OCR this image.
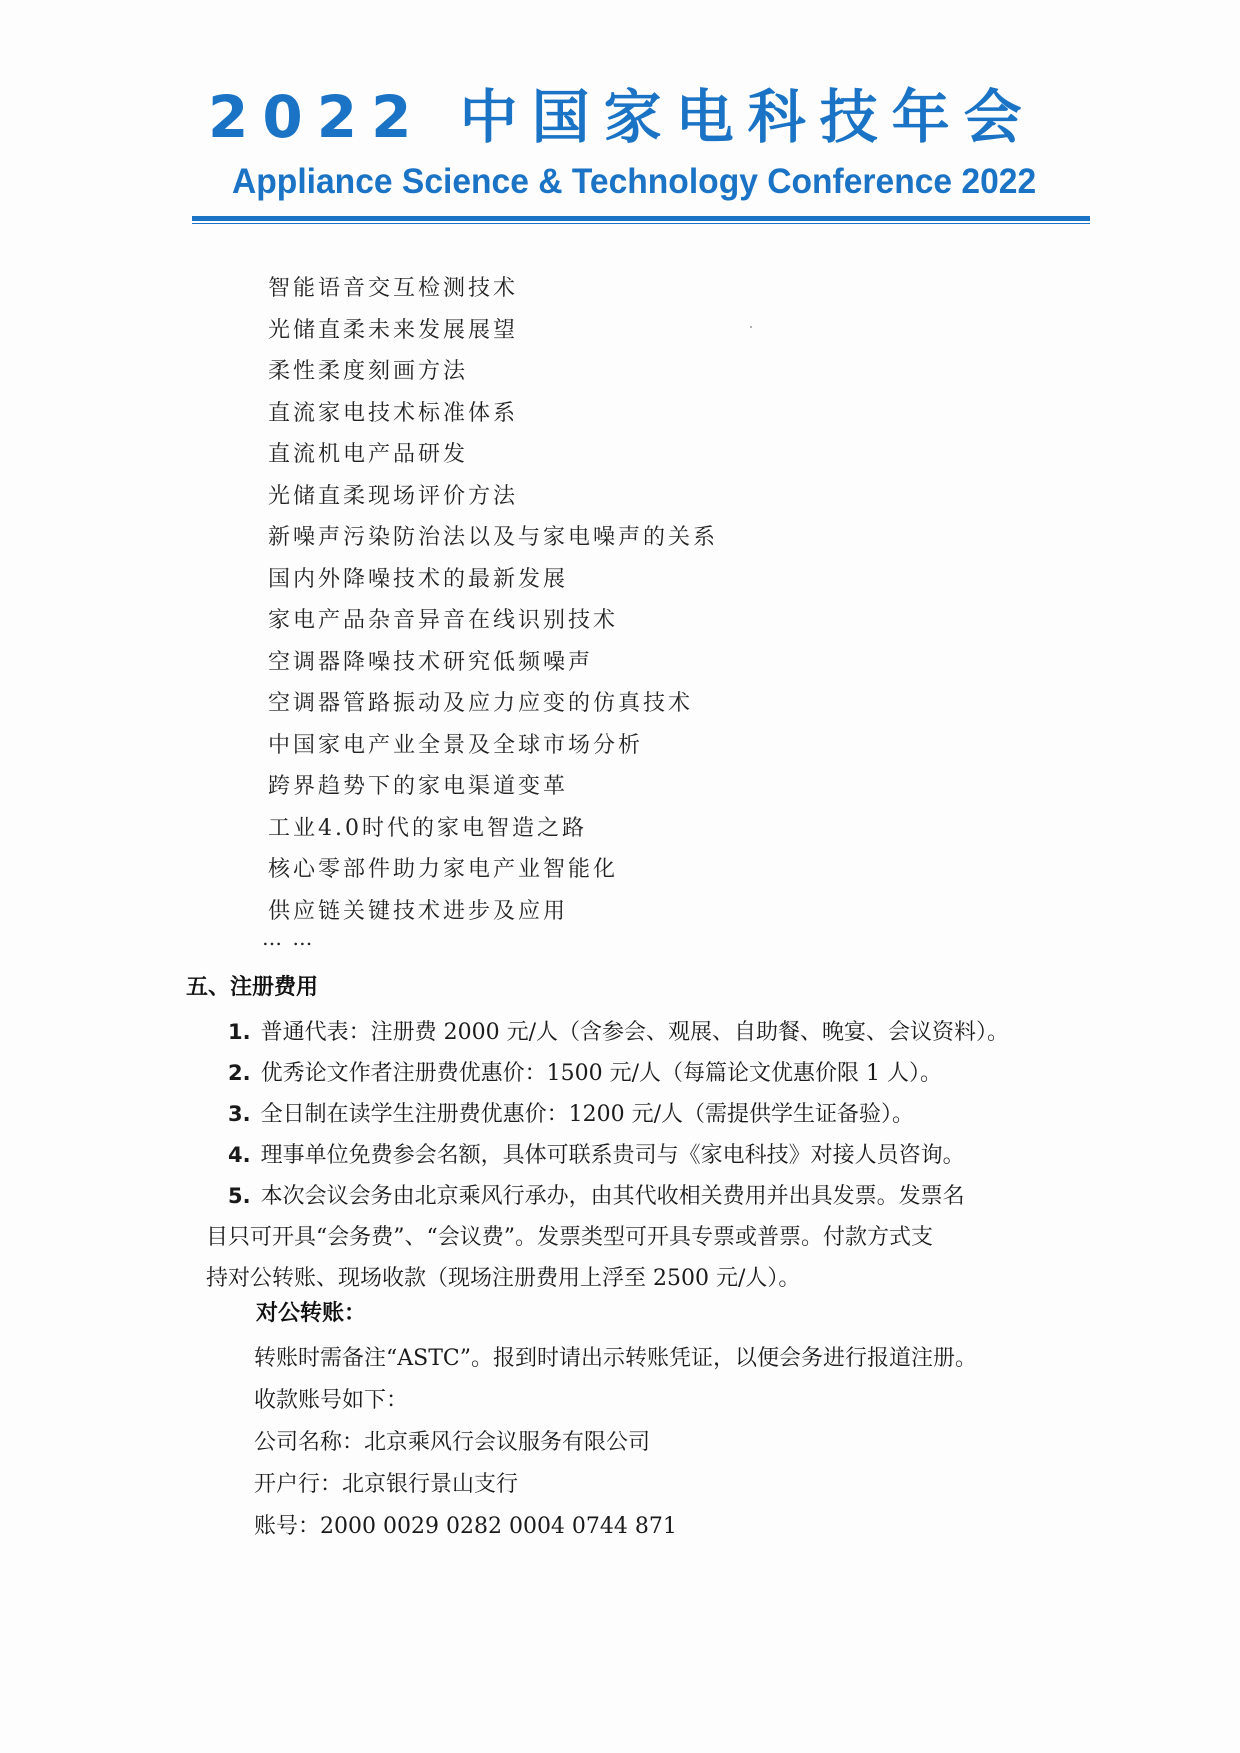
2022 中国家电科技年会
Appliance Science & Technology Conference 2022
智能语音交互检测技术
光储直柔未来发展展望
柔性柔度刻画方法
直流家电技术标准体系
直流机电产品研发
光储直柔现场评价方法
新噪声污染防治法以及与家电噪声的关系
国内外降噪技术的最新发展
家电产品杂音异音在线识别技术
空调器降噪技术研究低频噪声
空调器管路振动及应力应变的仿真技术
中国家电产业全景及全球市场分析
跨界趋势下的家电渠道变革
工业4.0时代的家电智造之路
核心零部件助力家电产业智能化
供应链关键技术进步及应用
… …
五、注册费用
1. 普通代表：注册费 2000 元/人（含参会、观展、自助餐、晚宴、会议资料）。
2. 优秀论文作者注册费优惠价：1500 元/人（每篇论文优惠价限 1 人）。
3. 全日制在读学生注册费优惠价：1200 元/人（需提供学生证备验）。
4. 理事单位免费参会名额，具体可联系贵司与《家电科技》对接人员咨询。
5. 本次会议会务由北京乘风行承办，由其代收相关费用并出具发票。发票名
目只可开具“会务费”、“会议费”。发票类型可开具专票或普票。付款方式支
持对公转账、现场收款（现场注册费用上浮至 2500 元/人）。
对公转账：
转账时需备注“ASTC”。报到时请出示转账凭证，以便会务进行报道注册。
收款账号如下：
公司名称：北京乘风行会议服务有限公司
开户行：北京银行景山支行
账号：2000 0029 0282 0004 0744 871
